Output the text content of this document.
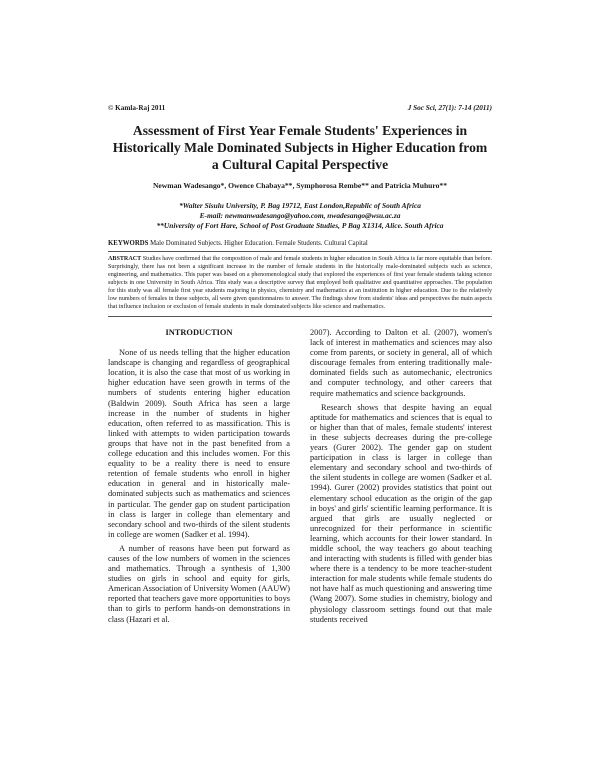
© Kamla-Raj 2011	J Soc Sci, 27(1): 7-14 (2011)
Assessment of First Year Female Students' Experiences in Historically Male Dominated Subjects in Higher Education from a Cultural Capital Perspective
Newman Wadesango*, Owence Chabaya**, Symphorosa Rembe** and Patricia Muhuro**
*Walter Sisulu University, P. Bag 19712, East London,Republic of South Africa
E-mail: newmanwadesango@yahoo.com, nwadesango@wsu.ac.za
**University of Fort Hare, School of Post Graduate Studies, P Bag X1314, Alice. South Africa
KEYWORDS Male Dominated Subjects. Higher Education. Female Students. Cultural Capital
ABSTRACT Studies have confirmed that the composition of male and female students in higher education in South Africa is far more equitable than before. Surprisingly, there has not been a significant increase in the number of female students in the historically male-dominated subjects such as science, engineering, and mathematics. This paper was based on a phenomenological study that explored the experiences of first year female students taking science subjects in one University in South Africa. This study was a descriptive survey that employed both qualitative and quantitative approaches. The population for this study was all female first year students majoring in physics, chemistry and mathematics at an institution in higher education. Due to the relatively low numbers of females in these subjects, all were given questionnaires to answer. The findings show from students' ideas and perspectives the main aspects that influence inclusion or exclusion of female students in male dominated subjects like science and mathematics.
INTRODUCTION

None of us needs telling that the higher education landscape is changing and regardless of geographical location, it is also the case that most of us working in higher education have seen growth in terms of the numbers of students entering higher education (Baldwin 2009). South Africa has seen a large increase in the number of students in higher education, often referred to as massification. This is linked with attempts to widen participation towards groups that have not in the past benefited from a college education and this includes women. For this equality to be a reality there is need to ensure retention of female students who enroll in higher education in general and in historically male-dominated subjects such as mathematics and sciences in particular. The gender gap on student participation in class is larger in college than elementary and secondary school and two-thirds of the silent students in college are women (Sadker et al. 1994).

A number of reasons have been put forward as causes of the low numbers of women in the sciences and mathematics. Through a synthesis of 1,300 studies on girls in school and equity for girls, American Association of University Women (AAUW) reported that teachers gave more opportunities to boys than to girls to perform hands-on demonstrations in class (Hazari et al.

2007). According to Dalton et al. (2007), women's lack of interest in mathematics and sciences may also come from parents, or society in general, all of which discourage females from entering traditionally male-dominated fields such as automechanic, electronics and computer technology, and other careers that require mathematics and science backgrounds.

Research shows that despite having an equal aptitude for mathematics and sciences that is equal to or higher than that of males, female students' interest in these subjects decreases during the pre-college years (Gurer 2002). The gender gap on student participation in class is larger in college than elementary and secondary school and two-thirds of the silent students in college are women (Sadker et al. 1994). Gurer (2002) provides statistics that point out elementary school education as the origin of the gap in boys' and girls' scientific learning performance. It is argued that girls are usually neglected or unrecognized for their performance in scientific learning, which accounts for their lower standard. In middle school, the way teachers go about teaching and interacting with students is filled with gender bias where there is a tendency to be more teacher-student interaction for male students while female students do not have half as much questioning and answering time (Wang 2007). Some studies in chemistry, biology and physiology classroom settings found out that male students received
